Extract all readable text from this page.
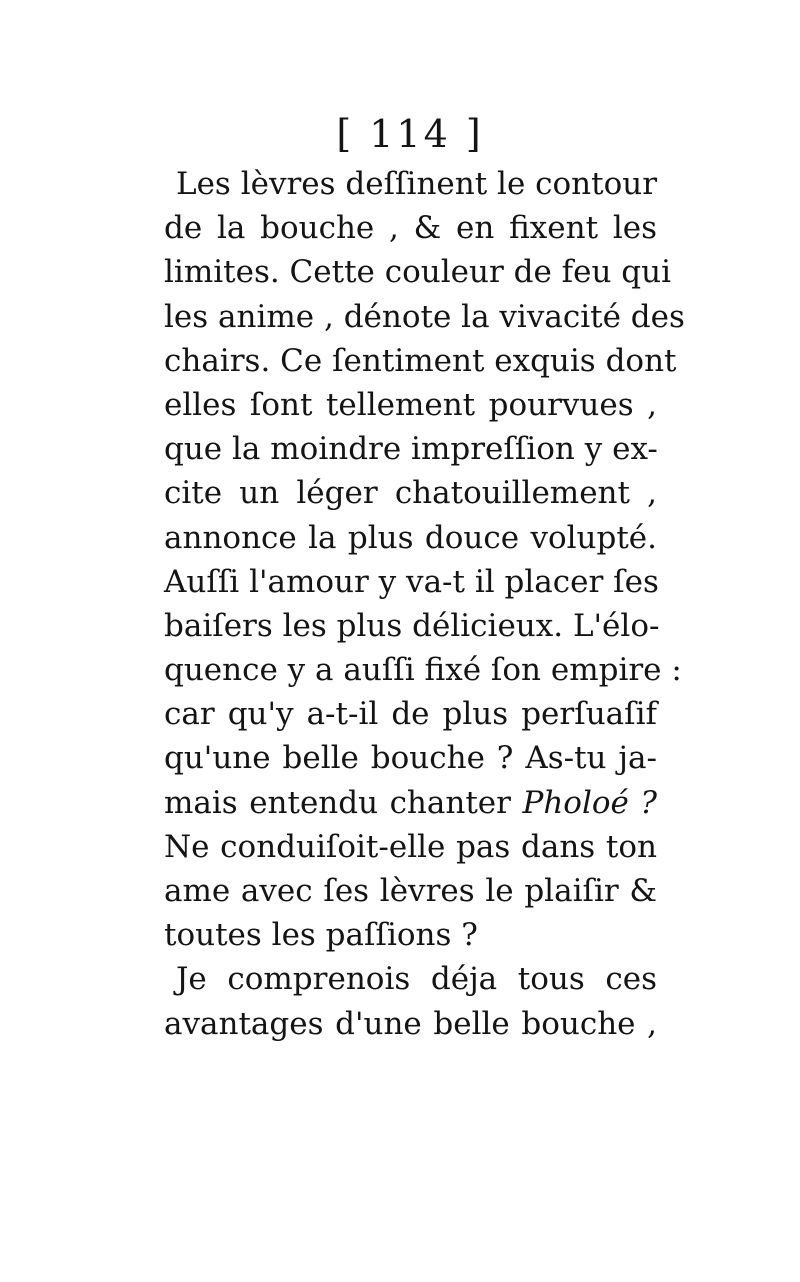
[ 114 ]
Les lèvres deſſinent le contour
de la bouche , & en fixent les
limites. Cette couleur de feu qui
les anime , dénote la vivacité des
chairs. Ce ſentiment exquis dont
elles ſont tellement pourvues ,
que la moindre impreſſion y ex-
cite un léger chatouillement ,
annonce la plus douce volupté.
Auſſi l'amour y va-t il placer ſes
baiſers les plus délicieux. L'élo-
quence y a auſſi fixé ſon empire :
car qu'y a-t-il de plus perſuaſif
qu'une belle bouche ? As-tu ja-
mais entendu chanter Pholoé ?
Ne conduiſoit-elle pas dans ton
ame avec ſes lèvres le plaiſir &
toutes les paſſions ?
Je comprenois déja tous ces
avantages d'une belle bouche ,
